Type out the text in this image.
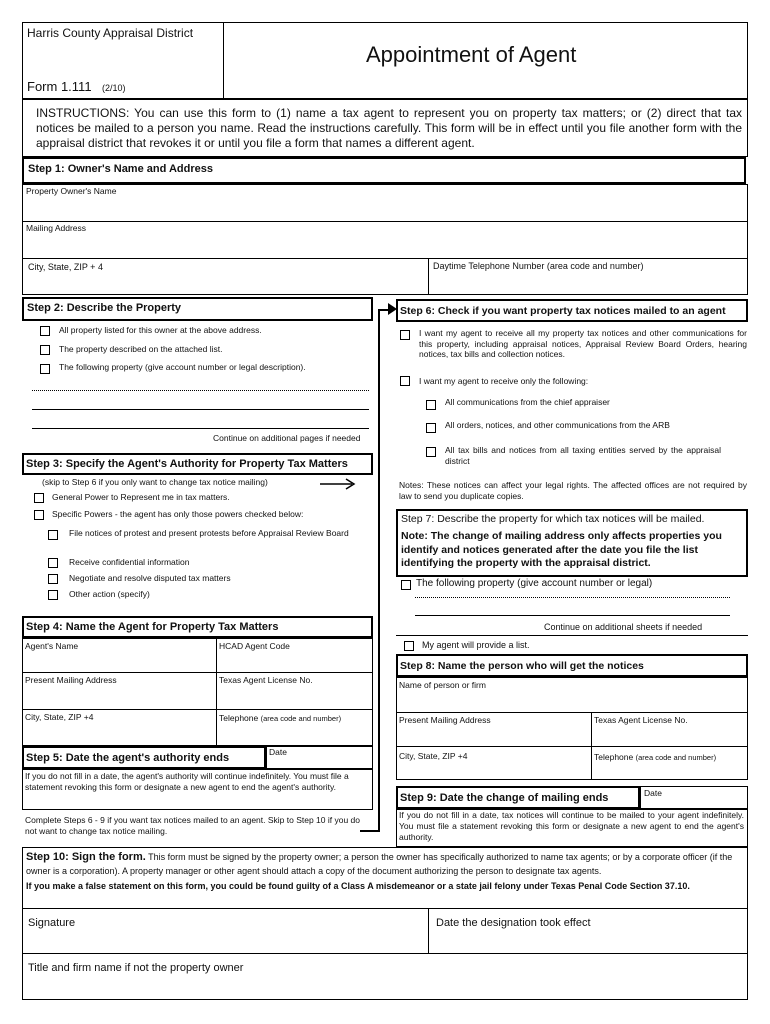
Harris County Appraisal District
Form 1.111 (2/10)
Appointment of Agent
INSTRUCTIONS: You can use this form to (1) name a tax agent to represent you on property tax matters; or (2) direct that tax notices be mailed to a person you name. Read the instructions carefully. This form will be in effect until you file another form with the appraisal district that revokes it or until you file a form that names a different agent.
Step 1: Owner's Name and Address
Property Owner's Name
Mailing Address
City, State, ZIP + 4	Daytime Telephone Number (area code and number)
Step 2: Describe the Property
All property listed for this owner at the above address.
The property described on the attached list.
The following property (give account number or legal description).
Continue on additional pages if needed
Step 3: Specify the Agent's Authority for Property Tax Matters
(skip to Step 6 if you only want to change tax notice mailing)
General Power to Represent me in tax matters.
Specific Powers - the agent has only those powers checked below:
File notices of protest and present protests before Appraisal Review Board
Receive confidential information
Negotiate and resolve disputed tax matters
Other action (specify)
Step 4: Name the Agent for Property Tax Matters
Agent's Name	HCAD Agent Code
Present Mailing Address	Texas Agent License No.
City, State, ZIP +4	Telephone (area code and number)
Step 5: Date the agent's authority ends	Date
If you do not fill in a date, the agent's authority will continue indefinitely. You must file a statement revoking this form or designate a new agent to end the agent's authority.
Complete Steps 6 - 9 if you want tax notices mailed to an agent. Skip to Step 10 if you do not want to change tax notice mailing.
Step 6: Check if you want property tax notices mailed to an agent
I want my agent to receive all my property tax notices and other communications for this property, including appraisal notices, Appraisal Review Board Orders, hearing notices, tax bills and collection notices.
I want my agent to receive only the following:
All communications from the chief appraiser
All orders, notices, and other communications from the ARB
All tax bills and notices from all taxing entities served by the appraisal district
Notes: These notices can affect your legal rights. The affected offices are not required by law to send you duplicate copies.
Step 7: Describe the property for which tax notices will be mailed.
Note: The change of mailing address only affects properties you identify and notices generated after the date you file the list identifying the property with the appraisal district.
The following property (give account number or legal)
Continue on additional sheets if needed
My agent will provide a list.
Step 8: Name the person who will get the notices
Name of person or firm
Present Mailing Address	Texas Agent License No.
City, State, ZIP +4	Telephone (area code and number)
Step 9: Date the change of mailing ends	Date
If you do not fill in a date, tax notices will continue to be mailed to your agent indefinitely. You must file a statement revoking this form or designate a new agent to end the agent's authority.
Step 10: Sign the form. This form must be signed by the property owner; a person the owner has specifically authorized to name tax agents; or by a corporate officer (if the owner is a corporation). A property manager or other agent should attach a copy of the document authorizing the person to designate tax agents.
If you make a false statement on this form, you could be found guilty of a Class A misdemeanor or a state jail felony under Texas Penal Code Section 37.10.
Signature	Date the designation took effect
Title and firm name if not the property owner
